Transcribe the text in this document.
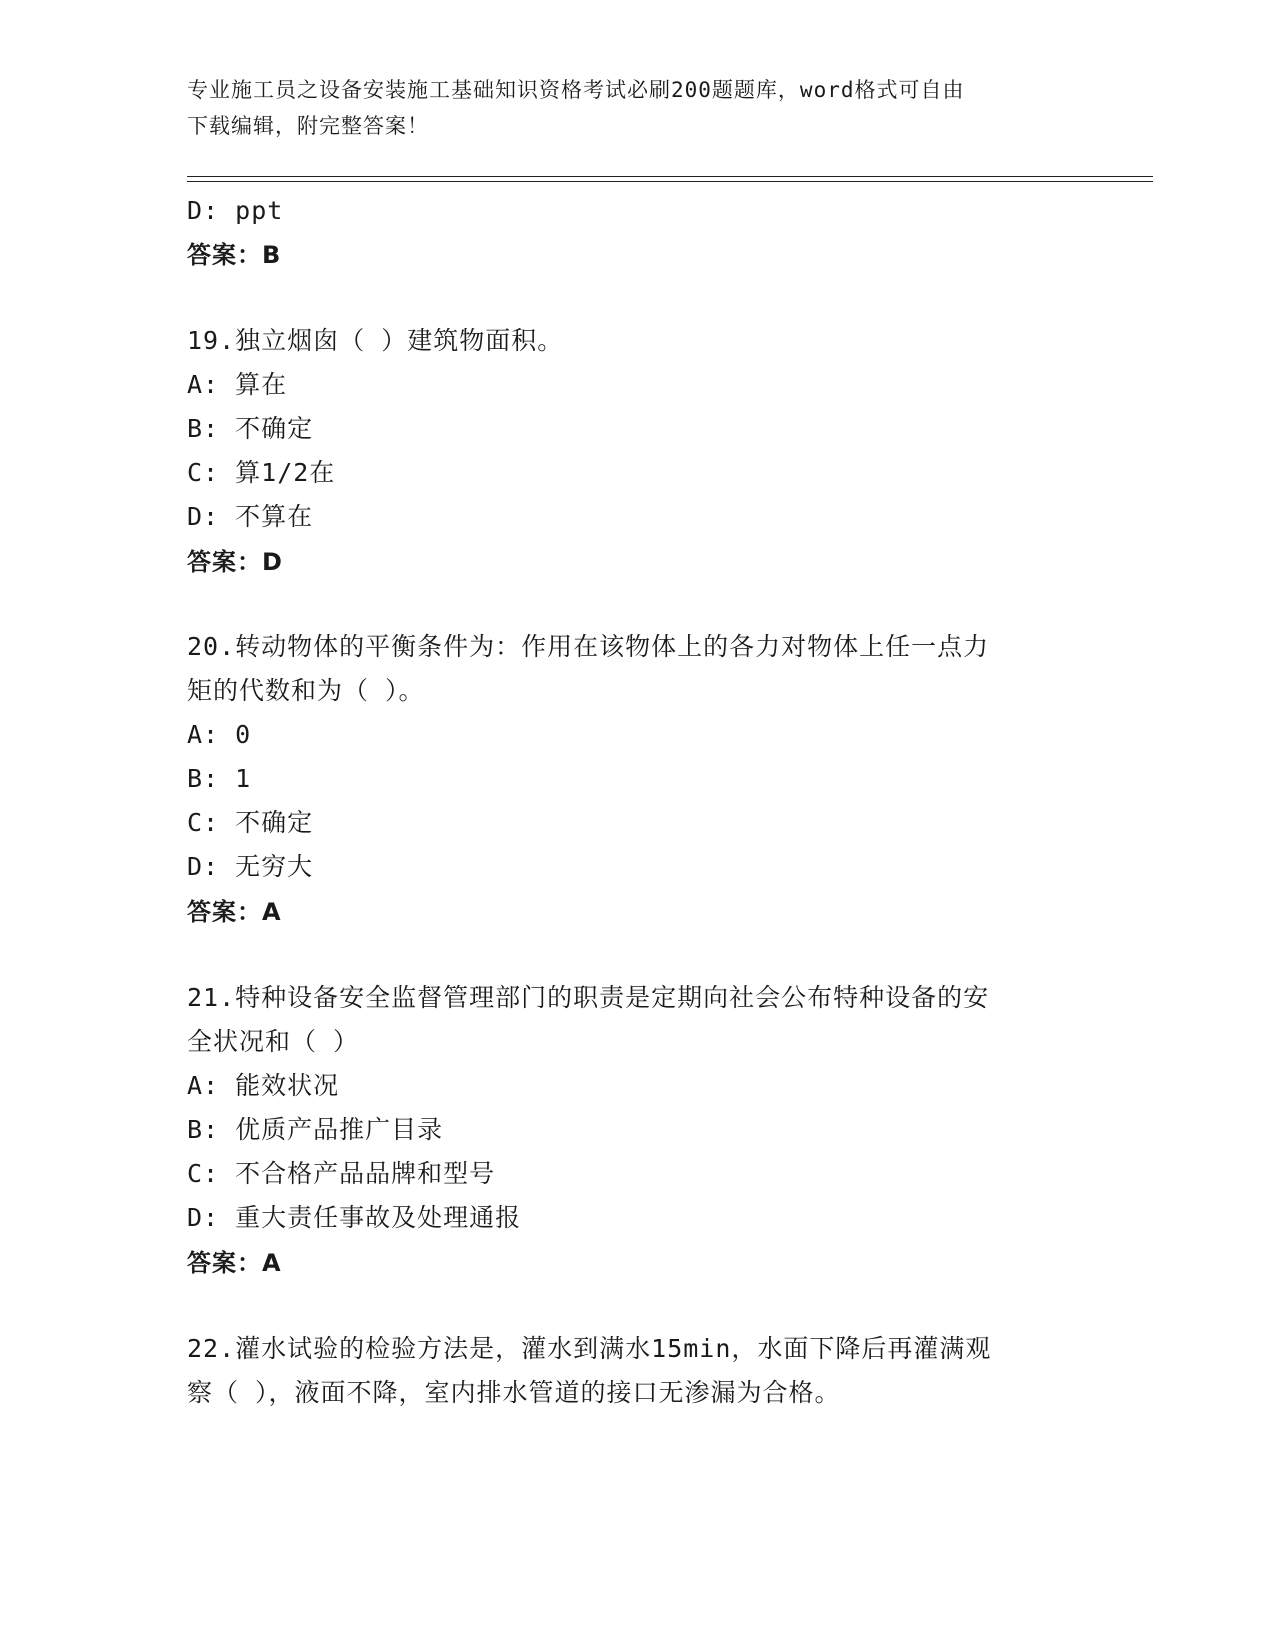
专业施工员之设备安装施工基础知识资格考试必刷200题题库，word格式可自由
下载编辑，附完整答案！
D: ppt
答案：B
19.独立烟囱（ ）建筑物面积。
A: 算在
B: 不确定
C: 算1/2在
D: 不算在
答案：D
20.转动物体的平衡条件为：作用在该物体上的各力对物体上任一点力
矩的代数和为（ ）。
A: 0
B: 1
C: 不确定
D: 无穷大
答案：A
21.特种设备安全监督管理部门的职责是定期向社会公布特种设备的安
全状况和（ ）
A: 能效状况
B: 优质产品推广目录
C: 不合格产品品牌和型号
D: 重大责任事故及处理通报
答案：A
22.灌水试验的检验方法是，灌水到满水15min，水面下降后再灌满观
察（ ），液面不降，室内排水管道的接口无渗漏为合格。
